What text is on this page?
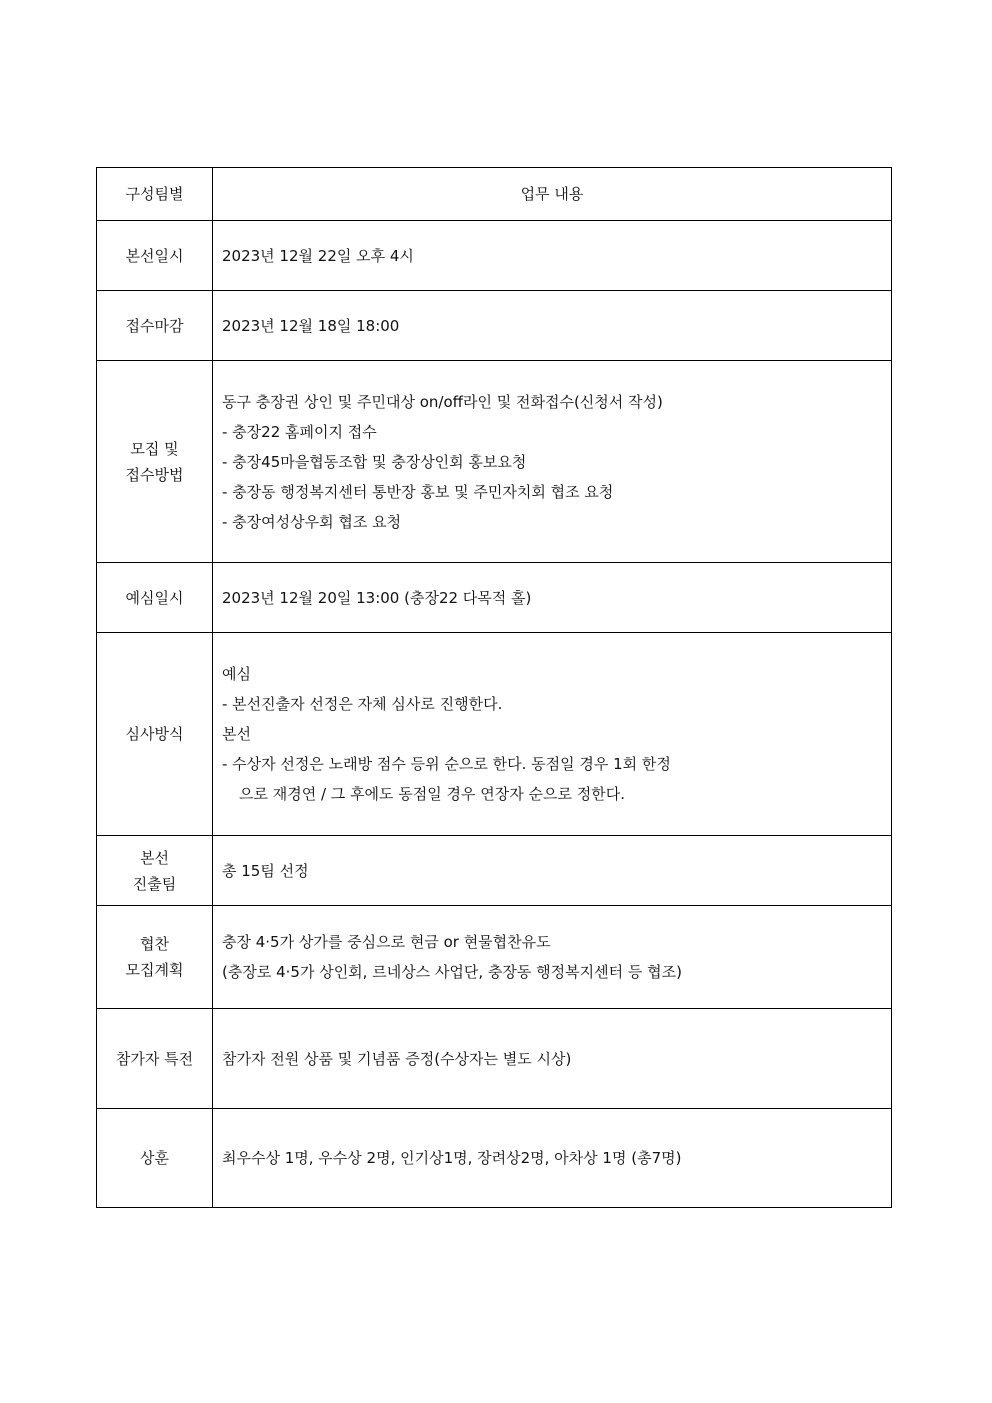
구성팀별	업무 내용

본선일시	2023년 12월 22일 오후 4시

접수마감	2023년 12월 18일 18:00

모집 및
접수방법	동구 충장권 상인 및 주민대상 on/off라인 및 전화접수(신청서 작성)
- 충장22 홈페이지 접수
- 충장45마을협동조합 및 충장상인회 홍보요청
- 충장동 행정복지센터 통반장 홍보 및 주민자치회 협조 요청
- 충장여성상우회 협조 요청

예심일시	2023년 12월 20일 13:00 (충장22 다목적 홀)

심사방식	예심
- 본선진출자 선정은 자체 심사로 진행한다.
본선
- 수상자 선정은 노래방 점수 등위 순으로 한다. 동점일 경우 1회 한정
으로 재경연 / 그 후에도 동점일 경우 연장자 순으로 정한다.

본선
진출팀	총 15팀 선정

협찬
모집계획	충장 4·5가 상가를 중심으로 현금 or 현물협찬유도
(충장로 4·5가 상인회, 르네상스 사업단, 충장동 행정복지센터 등 협조)

참가자 특전	참가자 전원 상품 및 기념품 증정(수상자는 별도 시상)

상훈	최우수상 1명, 우수상 2명, 인기상1명, 장려상2명, 아차상 1명 (총7명)
